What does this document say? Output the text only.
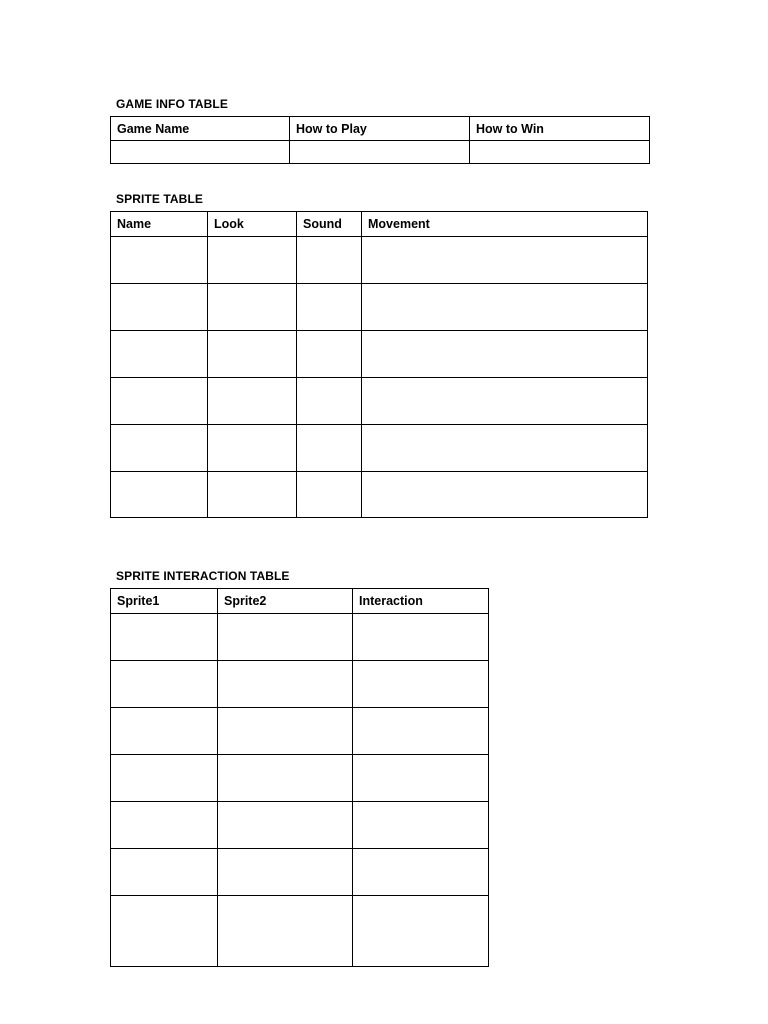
GAME INFO TABLE
Game Name	How to Play	How to Win

SPRITE TABLE
Name	Look	Sound	Movement

SPRITE INTERACTION TABLE
Sprite1	Sprite2	Interaction
